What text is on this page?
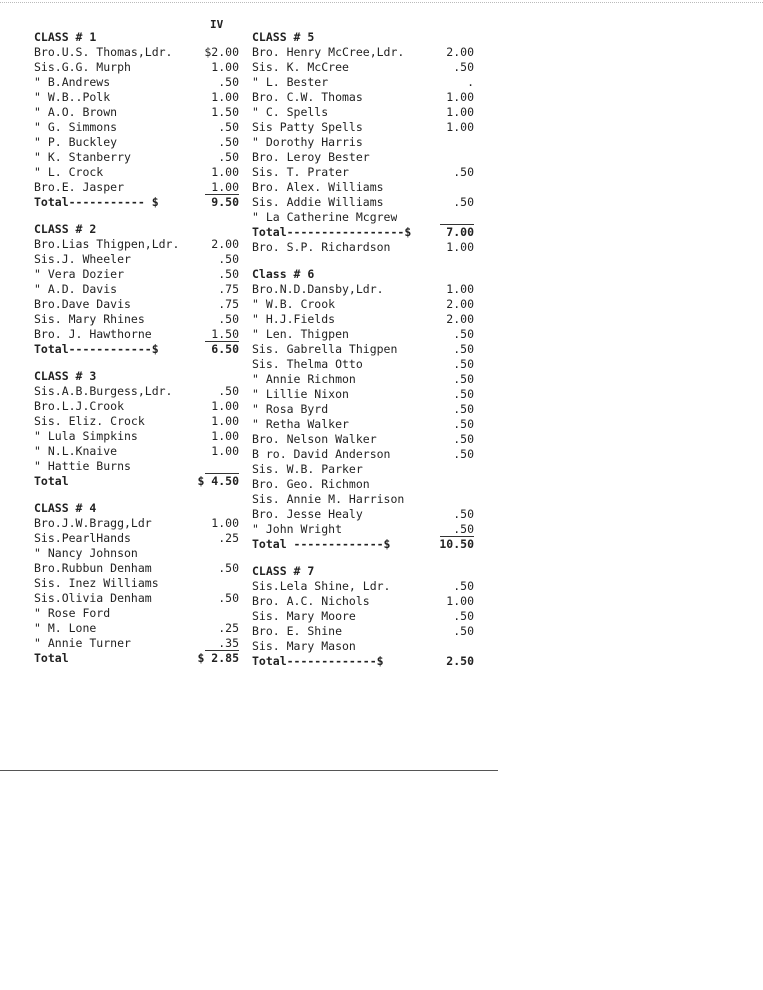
IV
CLASS # 1
Bro.U.S. Thomas,Ldr.	$2.00
Sis.G.G. Murph	1.00
" B.Andrews	.50
" W.B..Polk	1.00
" A.O. Brown	1.50
" G. Simmons	.50
" P. Buckley	.50
" K. Stanberry	.50
" L. Crock	1.00
Bro.E. Jasper	1.00
Total----------- $	9.50
CLASS # 2
Bro.Lias Thigpen,Ldr.	2.00
Sis.J. Wheeler	.50
" Vera Dozier	.50
" A.D. Davis	.75
Bro.Dave Davis	.75
Sis. Mary Rhines	.50
Bro. J. Hawthorne	1.50
Total------------$	6.50
CLASS # 3
Sis.A.B.Burgess,Ldr.	.50
Bro.L.J.Crook	1.00
Sis. Eliz. Crock	1.00
" Lula Simpkins	1.00
" N.L.Knaive	1.00
" Hattie Burns
Total	$ 4.50
CLASS # 4
Bro.J.W.Bragg,Ldr	1.00
Sis.PearlHands	.25
" Nancy Johnson
Bro.Rubbun Denham	.50
Sis. Inez Williams
Sis.Olivia Denham	.50
" Rose Ford
" M. Lone	.25
" Annie Turner	.35
Total	$ 2.85
CLASS # 5
Bro. Henry McCree,Ldr.	2.00
Sis. K. McCree	.50
" L. Bester	.
Bro. C.W. Thomas	1.00
" C. Spells	1.00
Sis Patty Spells	1.00
" Dorothy Harris
Bro. Leroy Bester
Sis. T. Prater	.50
Bro. Alex. Williams
Sis. Addie Williams	.50
" La Catherine Mcgrew
Total-----------------$	7.00
Bro. S.P. Richardson	1.00
Class # 6
Bro.N.D.Dansby,Ldr.	1.00
" W.B. Crook	2.00
" H.J.Fields	2.00
" Len. Thigpen	.50
Sis. Gabrella Thigpen	.50
Sis. Thelma Otto	.50
" Annie Richmon	.50
" Lillie Nixon	.50
" Rosa Byrd	.50
" Retha Walker	.50
Bro. Nelson Walker	.50
B ro. David Anderson	.50
Sis. W.B. Parker
Bro. Geo. Richmon
Sis. Annie M. Harrison
Bro. Jesse Healy	.50
" John Wright	.50
Total -------------$	10.50
CLASS # 7
Sis.Lela Shine, Ldr.	.50
Bro. A.C. Nichols	1.00
Sis. Mary Moore	.50
Bro. E. Shine	.50
Sis. Mary Mason
Total-------------$	2.50
